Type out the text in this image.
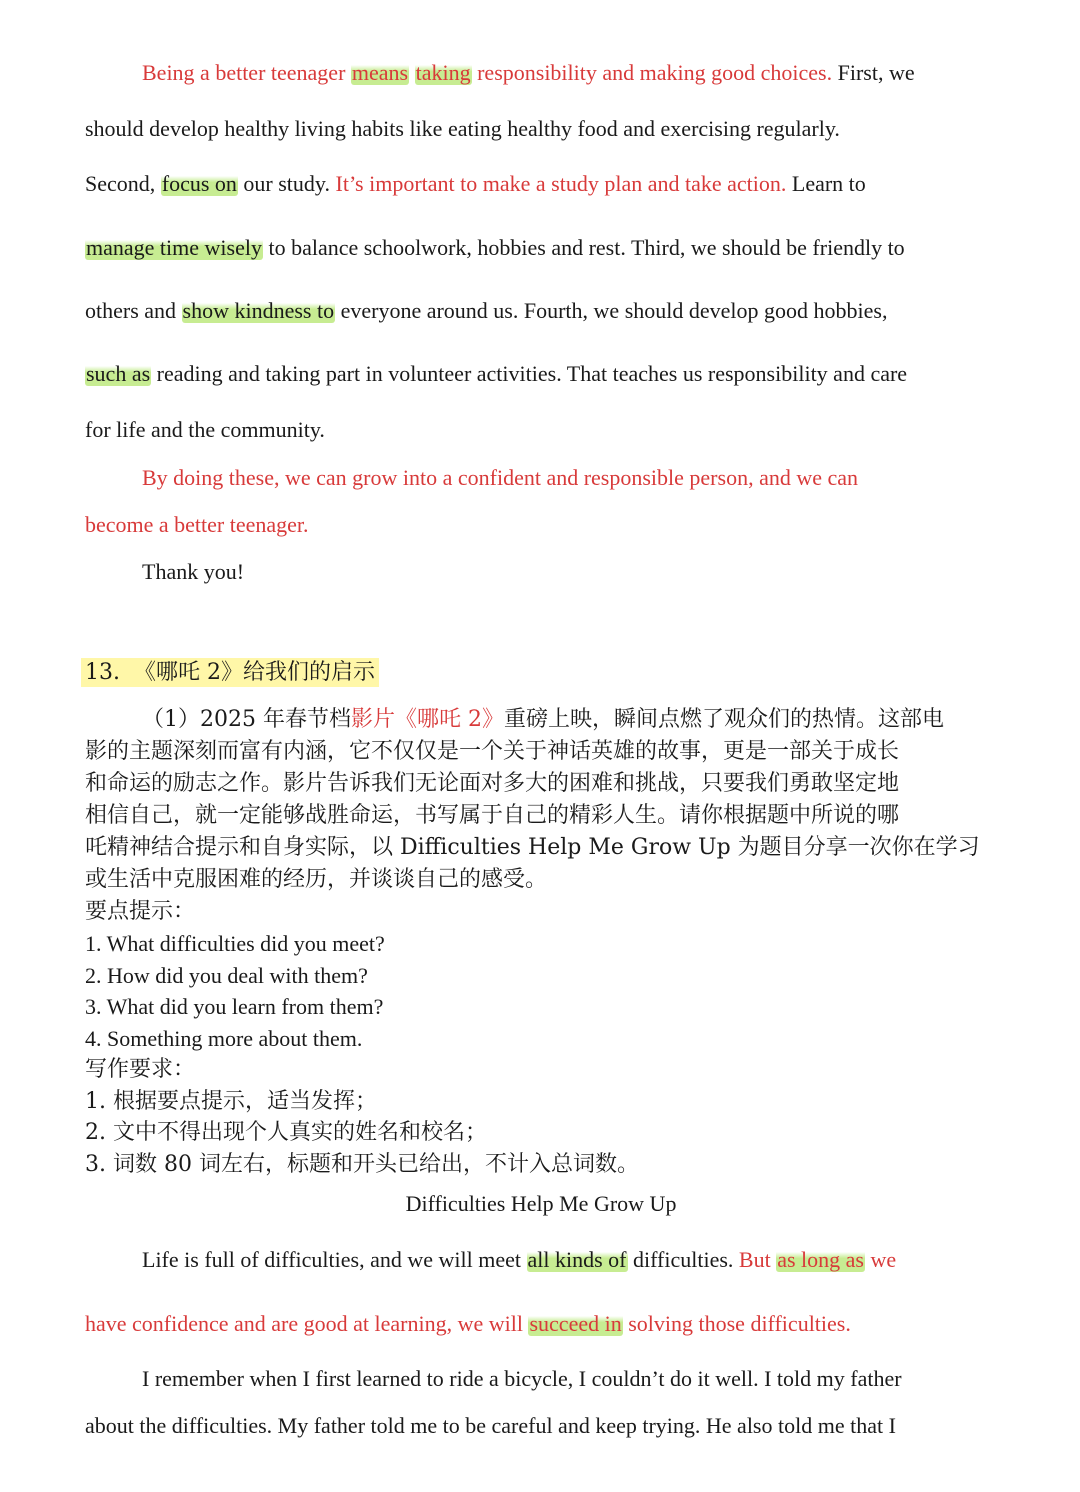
Being a better teenager means taking responsibility and making good choices. First, we
should develop healthy living habits like eating healthy food and exercising regularly.
Second, focus on our study. It’s important to make a study plan and take action. Learn to
manage time wisely to balance schoolwork, hobbies and rest. Third, we should be friendly to
others and show kindness to everyone around us. Fourth, we should develop good hobbies,
such as reading and taking part in volunteer activities. That teaches us responsibility and care
for life and the community.
By doing these, we can grow into a confident and responsible person, and we can
become a better teenager.
Thank you!
13. 《哪吒 2》给我们的启示
（1）2025 年春节档影片《哪吒 2》重磅上映，瞬间点燃了观众们的热情。这部电
影的主题深刻而富有内涵，它不仅仅是一个关于神话英雄的故事，更是一部关于成长
和命运的励志之作。影片告诉我们无论面对多大的困难和挑战，只要我们勇敢坚定地
相信自己，就一定能够战胜命运，书写属于自己的精彩人生。请你根据题中所说的哪
吒精神结合提示和自身实际，以 Difficulties Help Me Grow Up 为题目分享一次你在学习
或生活中克服困难的经历，并谈谈自己的感受。
要点提示：
1. What difficulties did you meet?
2. How did you deal with them?
3. What did you learn from them?
4. Something more about them.
写作要求：
1. 根据要点提示，适当发挥；
2. 文中不得出现个人真实的姓名和校名；
3. 词数 80 词左右，标题和开头已给出，不计入总词数。
Difficulties Help Me Grow Up
Life is full of difficulties, and we will meet all kinds of difficulties. But as long as we
have confidence and are good at learning, we will succeed in solving those difficulties.
I remember when I first learned to ride a bicycle, I couldn’t do it well. I told my father
about the difficulties. My father told me to be careful and keep trying. He also told me that I
